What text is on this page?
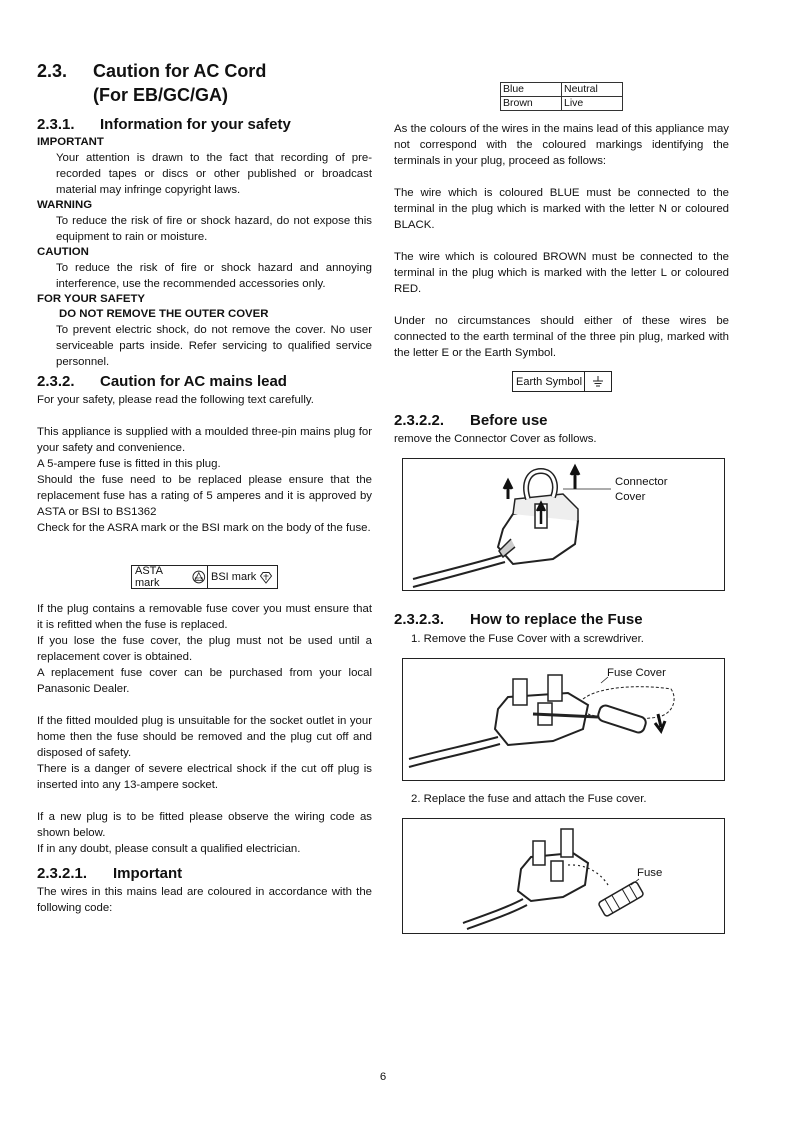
2.3. Caution for AC Cord
(For EB/GC/GA)
2.3.1. Information for your safety
IMPORTANT

Your attention is drawn to the fact that recording of pre-recorded tapes or discs or other published or broadcast material may infringe copyright laws.

WARNING

To reduce the risk of fire or shock hazard, do not expose this equipment to rain or moisture.

CAUTION

To reduce the risk of fire or shock hazard and annoying interference, use the recommended accessories only.

FOR YOUR SAFETY
DO NOT REMOVE THE OUTER COVER

To prevent electric shock, do not remove the cover. No user serviceable parts inside. Refer servicing to qualified service personnel.

2.3.2. Caution for AC mains lead

For your safety, please read the following text carefully.

This appliance is supplied with a moulded three-pin mains plug for your safety and convenience.

A 5-ampere fuse is fitted in this plug.

Should the fuse need to be replaced please ensure that the replacement fuse has a rating of 5 amperes and it is approved by ASTA or BSI to BS1362

Check for the ASRA mark or the BSI mark on the body of the fuse.

ASTA mark	ASTA BSI mark

If the plug contains a removable fuse cover you must ensure that it is refitted when the fuse is replaced.

If you lose the fuse cover, the plug must not be used until a replacement cover is obtained.

A replacement fuse cover can be purchased from your local Panasonic Dealer.

If the fitted moulded plug is unsuitable for the socket outlet in your home then the fuse should be removed and the plug cut off and disposed of safety.

There is a danger of severe electrical shock if the cut off plug is inserted into any 13-ampere socket.

If a new plug is to be fitted please observe the wiring code as shown below.

If in any doubt, please consult a qualified electrician.

2.3.2.1. Important

The wires in this mains lead are coloured in accordance with the following code:

Blue	Neutral
Brown	Live

As the colours of the wires in the mains lead of this appliance may not correspond with the coloured markings identifying the terminals in your plug, proceed as follows:

The wire which is coloured BLUE must be connected to the terminal in the plug which is marked with the letter N or coloured BLACK.

The wire which is coloured BROWN must be connected to the terminal in the plug which is marked with the letter L or coloured RED.

Under no circumstances should either of these wires be connected to the earth terminal of the three pin plug, marked with the letter E or the Earth Symbol.

Earth Symbol
2.3.2.2. Before use

remove the Connector Cover as follows.

Connector
Cover
2.3.2.3. How to replace the Fuse

1. Remove the Fuse Cover with a screwdriver.

Fuse Cover

2. Replace the fuse and attach the Fuse cover.

Fuse
6
